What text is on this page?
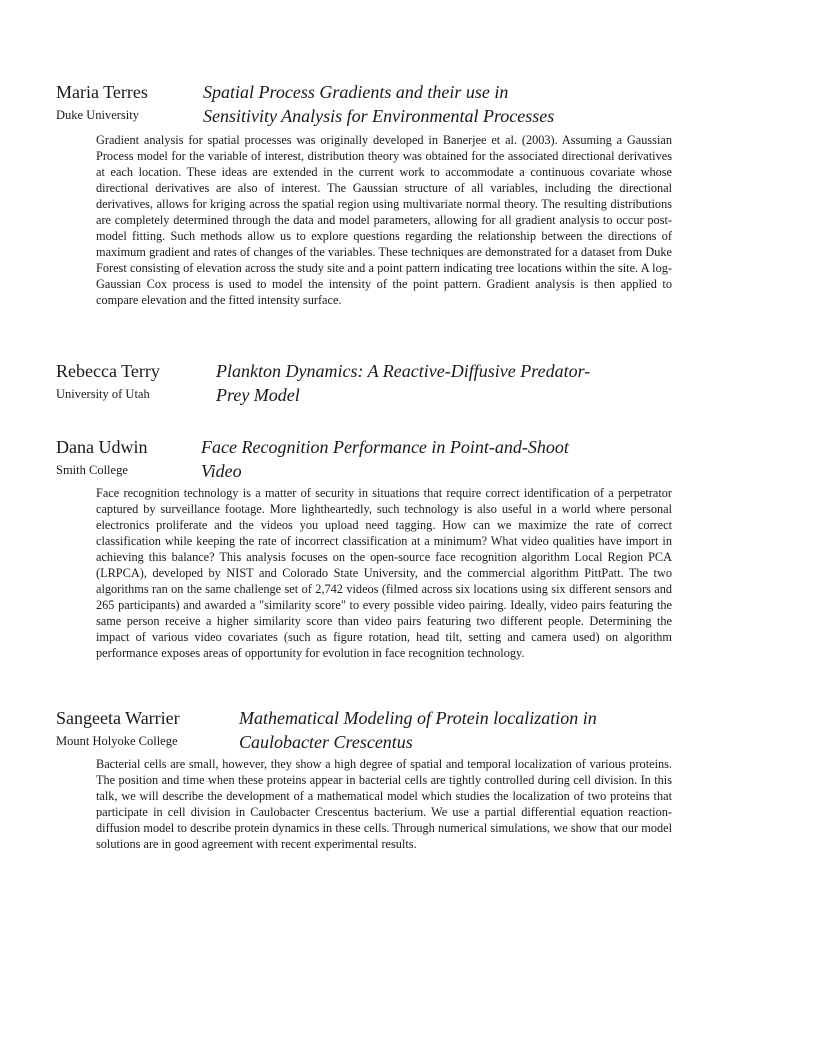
Maria Terres
Duke University
Spatial Process Gradients and their use in Sensitivity Analysis for Environmental Processes
Gradient analysis for spatial processes was originally developed in Banerjee et al. (2003). Assuming a Gaussian Process model for the variable of interest, distribution theory was obtained for the associated directional derivatives at each location. These ideas are extended in the current work to accommodate a continuous covariate whose directional derivatives are also of interest. The Gaussian structure of all variables, including the directional derivatives, allows for kriging across the spatial region using multivariate normal theory. The resulting distributions are completely determined through the data and model parameters, allowing for all gradient analysis to occur post-model fitting. Such methods allow us to explore questions regarding the relationship between the directions of maximum gradient and rates of changes of the variables. These techniques are demonstrated for a dataset from Duke Forest consisting of elevation across the study site and a point pattern indicating tree locations within the site. A log-Gaussian Cox process is used to model the intensity of the point pattern. Gradient analysis is then applied to compare elevation and the fitted intensity surface.
Rebecca Terry
University of Utah
Plankton Dynamics: A Reactive-Diffusive Predator-Prey Model
Dana Udwin
Smith College
Face Recognition Performance in Point-and-Shoot Video
Face recognition technology is a matter of security in situations that require correct identification of a perpetrator captured by surveillance footage. More lightheartedly, such technology is also useful in a world where personal electronics proliferate and the videos you upload need tagging. How can we maximize the rate of correct classification while keeping the rate of incorrect classification at a minimum? What video qualities have import in achieving this balance? This analysis focuses on the open-source face recognition algorithm Local Region PCA (LRPCA), developed by NIST and Colorado State University, and the commercial algorithm PittPatt. The two algorithms ran on the same challenge set of 2,742 videos (filmed across six locations using six different sensors and 265 participants) and awarded a "similarity score" to every possible video pairing. Ideally, video pairs featuring the same person receive a higher similarity score than video pairs featuring two different people. Determining the impact of various video covariates (such as figure rotation, head tilt, setting and camera used) on algorithm performance exposes areas of opportunity for evolution in face recognition technology.
Sangeeta Warrier
Mount Holyoke College
Mathematical Modeling of Protein localization in Caulobacter Crescentus
Bacterial cells are small, however, they show a high degree of spatial and temporal localization of various proteins. The position and time when these proteins appear in bacterial cells are tightly controlled during cell division. In this talk, we will describe the development of a mathematical model which studies the localization of two proteins that participate in cell division in Caulobacter Crescentus bacterium. We use a partial differential equation reaction-diffusion model to describe protein dynamics in these cells. Through numerical simulations, we show that our model solutions are in good agreement with recent experimental results.
